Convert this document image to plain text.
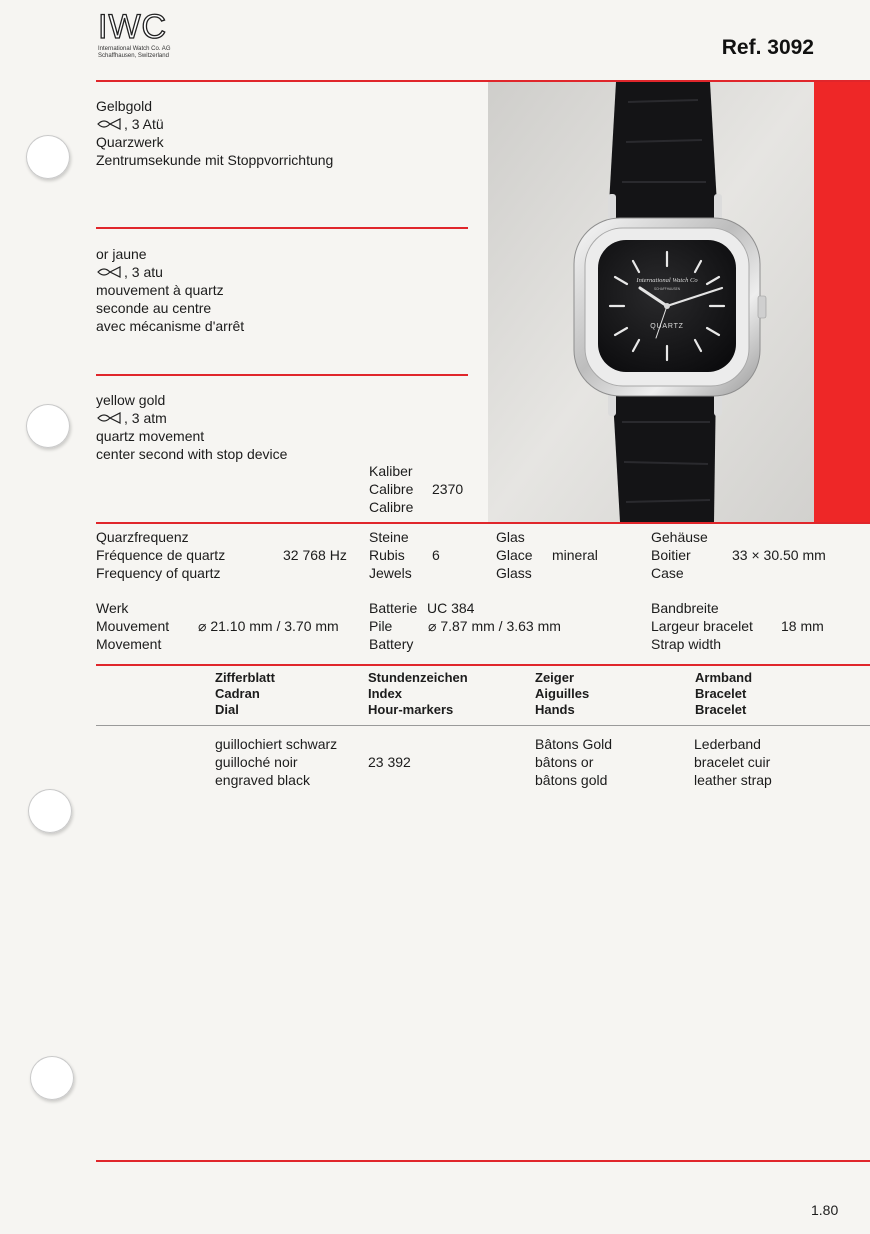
IWC
International Watch Co. AG
Schaffhausen, Switzerland	Ref. 3092
International Watch Co
SCHAFFHAUSEN
QUARTZ
Gelbgold
, 3 Atü
Quarzwerk
Zentrumsekunde mit Stoppvorrichtung
or jaune
, 3 atu
mouvement à quartz
seconde au centre
avec mécanisme d'arrêt
yellow gold
, 3 atm
quartz movement
center second with stop device
Kaliber
Calibre
Calibre
2370
Quarzfrequenz
Fréquence de quartz
Frequency of quartz
32 768 Hz
Steine
Rubis
Jewels
6
Glas
Glace
Glass
mineral
Gehäuse
Boitier
Case
33 × 30.50 mm
Werk
Mouvement
Movement
⌀ 21.10 mm / 3.70 mm
Batterie
Pile
Battery
UC 384
⌀ 7.87 mm / 3.63 mm
Bandbreite
Largeur bracelet
Strap width
18 mm
Zifferblatt
Cadran
Dial
Stundenzeichen
Index
Hour-markers
Zeiger
Aiguilles
Hands
Armband
Bracelet
Bracelet
guillochiert schwarz
guilloché noir
engraved black
23 392
Bâtons Gold
bâtons or
bâtons gold
Lederband
bracelet cuir
leather strap
1.80
